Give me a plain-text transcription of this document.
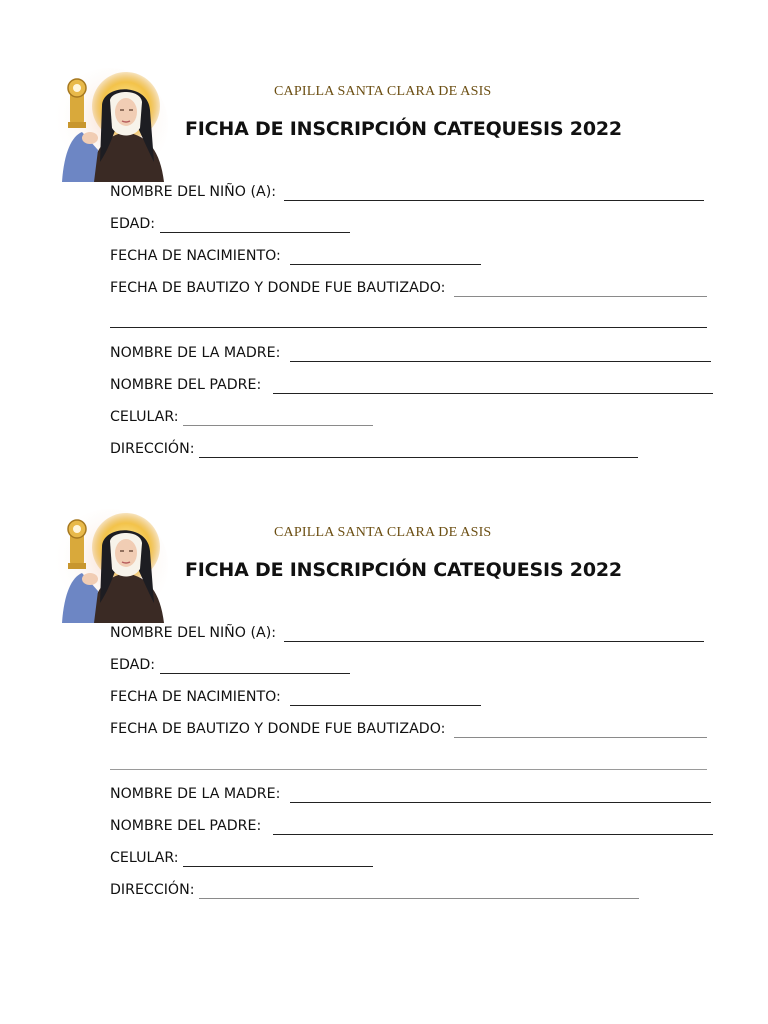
CAPILLA SANTA CLARA DE ASIS
FICHA DE INSCRIPCIÓN CATEQUESIS 2022
NOMBRE DEL NIÑO (A):
EDAD:
FECHA DE NACIMIENTO:
FECHA DE BAUTIZO Y DONDE FUE BAUTIZADO:
NOMBRE DE LA MADRE:
NOMBRE DEL PADRE:
CELULAR:
DIRECCIÓN:
CAPILLA SANTA CLARA DE ASIS
FICHA DE INSCRIPCIÓN CATEQUESIS 2022
NOMBRE DEL NIÑO (A):
EDAD:
FECHA DE NACIMIENTO:
FECHA DE BAUTIZO Y DONDE FUE BAUTIZADO:
NOMBRE DE LA MADRE:
NOMBRE DEL PADRE:
CELULAR:
DIRECCIÓN:
